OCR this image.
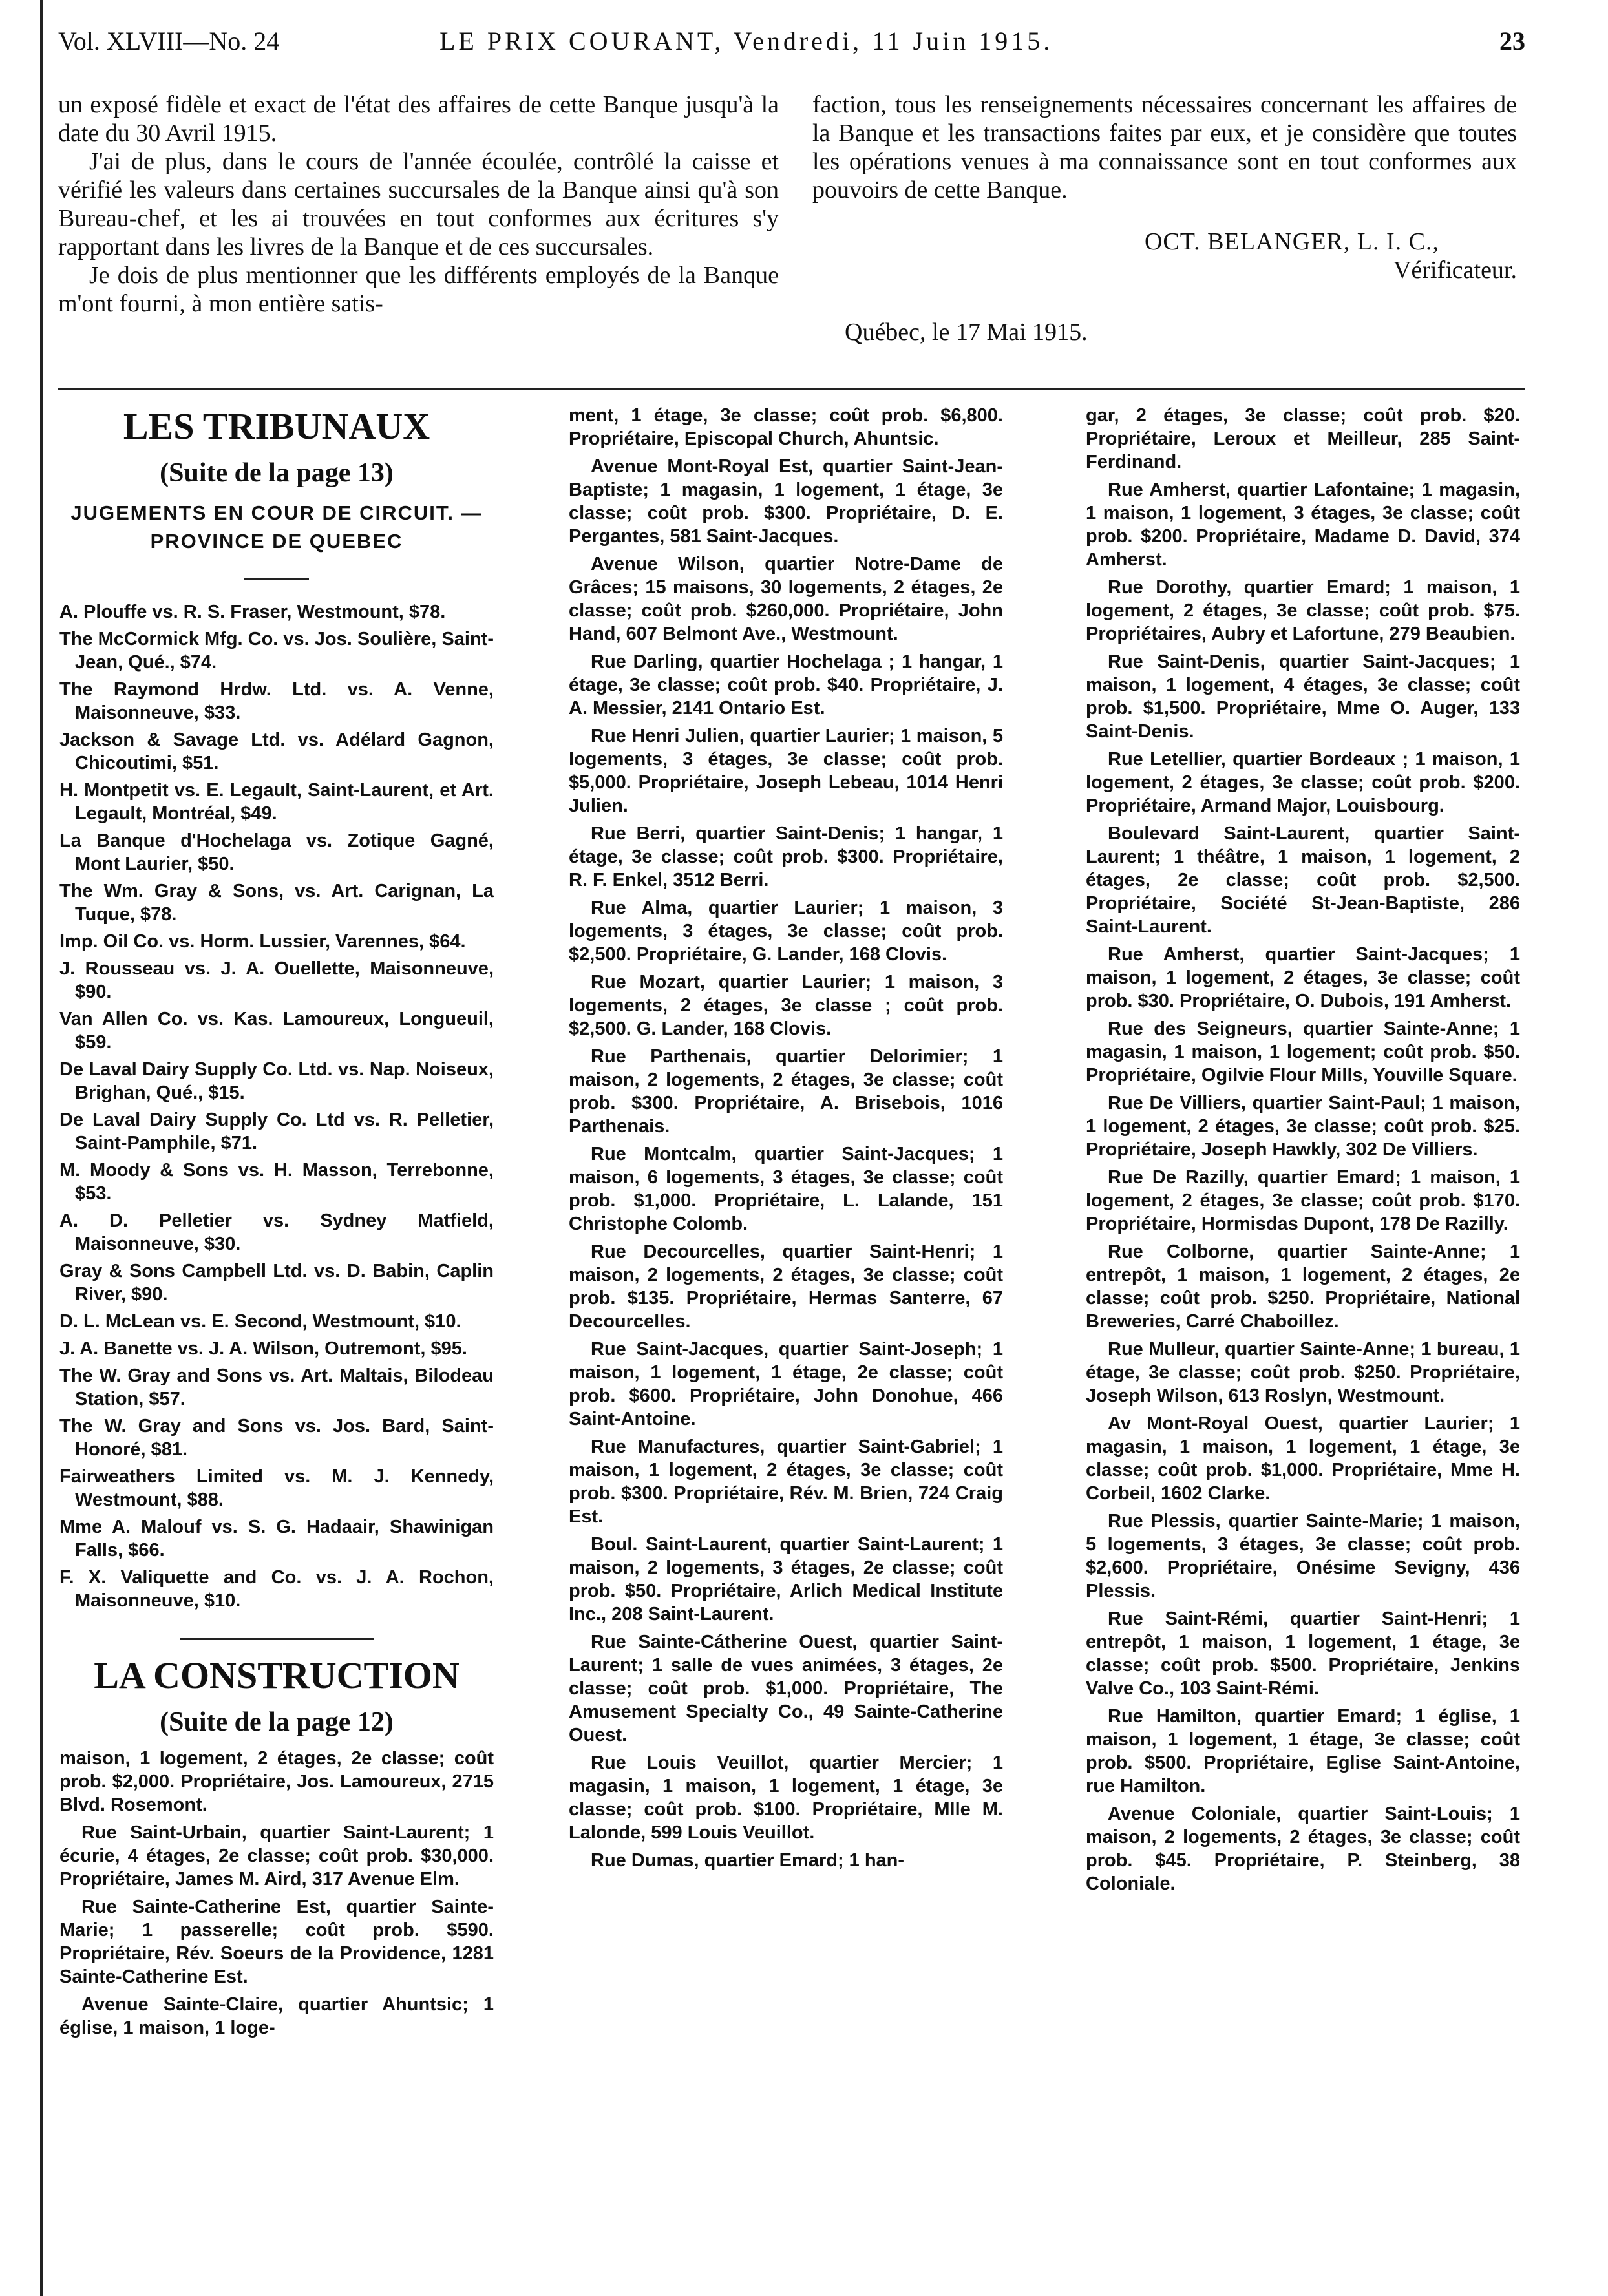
Vol. XLVIII—No. 24	LE PRIX COURANT, Vendredi, 11 Juin 1915.	23

un exposé fidèle et exact de l'état des affaires de cette Banque jusqu'à la date du 30 Avril 1915.

J'ai de plus, dans le cours de l'année écoulée, contrôlé la caisse et vérifié les valeurs dans certaines succursales de la Banque ainsi qu'à son Bureau-chef, et les ai trouvées en tout conformes aux écritures s'y rapportant dans les livres de la Banque et de ces succursales.

Je dois de plus mentionner que les différents employés de la Banque m'ont fourni, à mon entière satis-

faction, tous les renseignements nécessaires concernant les affaires de la Banque et les transactions faites par eux, et je considère que toutes les opérations venues à ma connaissance sont en tout conformes aux pouvoirs de cette Banque.

OCT. BELANGER, L. I. C.,

Vérificateur.

Québec, le 17 Mai 1915.

LES TRIBUNAUX

(Suite de la page 13)

JUGEMENTS EN COUR DE CIRCUIT. — PROVINCE DE QUEBEC

A. Plouffe vs. R. S. Fraser, Westmount, $78.

The McCormick Mfg. Co. vs. Jos. Soulière, Saint-Jean, Qué., $74.

The Raymond Hrdw. Ltd. vs. A. Venne, Maisonneuve, $33.

Jackson & Savage Ltd. vs. Adélard Gagnon, Chicoutimi, $51.

H. Montpetit vs. E. Legault, Saint-Laurent, et Art. Legault, Montréal, $49.

La Banque d'Hochelaga vs. Zotique Gagné, Mont Laurier, $50.

The Wm. Gray & Sons, vs. Art. Carignan, La Tuque, $78.

Imp. Oil Co. vs. Horm. Lussier, Varennes, $64.

J. Rousseau vs. J. A. Ouellette, Maisonneuve, $90.

Van Allen Co. vs. Kas. Lamoureux, Longueuil, $59.

De Laval Dairy Supply Co. Ltd. vs. Nap. Noiseux, Brighan, Qué., $15.

De Laval Dairy Supply Co. Ltd vs. R. Pelletier, Saint-Pamphile, $71.

M. Moody & Sons vs. H. Masson, Terrebonne, $53.

A. D. Pelletier vs. Sydney Matfield, Maisonneuve, $30.

Gray & Sons Campbell Ltd. vs. D. Babin, Caplin River, $90.

D. L. McLean vs. E. Second, Westmount, $10.

J. A. Banette vs. J. A. Wilson, Outremont, $95.

The W. Gray and Sons vs. Art. Maltais, Bilodeau Station, $57.

The W. Gray and Sons vs. Jos. Bard, Saint-Honoré, $81.

Fairweathers Limited vs. M. J. Kennedy, Westmount, $88.

Mme A. Malouf vs. S. G. Hadaair, Shawinigan Falls, $66.

F. X. Valiquette and Co. vs. J. A. Rochon, Maisonneuve, $10.

LA CONSTRUCTION

(Suite de la page 12)

maison, 1 logement, 2 étages, 2e classe; coût prob. $2,000. Propriétaire, Jos. Lamoureux, 2715 Blvd. Rosemont.

Rue Saint-Urbain, quartier Saint-Laurent; 1 écurie, 4 étages, 2e classe; coût prob. $30,000. Propriétaire, James M. Aird, 317 Avenue Elm.

Rue Sainte-Catherine Est, quartier Sainte-Marie; 1 passerelle; coût prob. $590. Propriétaire, Rév. Soeurs de la Providence, 1281 Sainte-Catherine Est.

Avenue Sainte-Claire, quartier Ahuntsic; 1 église, 1 maison, 1 loge-

ment, 1 étage, 3e classe; coût prob. $6,800. Propriétaire, Episcopal Church, Ahuntsic.

Avenue Mont-Royal Est, quartier Saint-Jean-Baptiste; 1 magasin, 1 logement, 1 étage, 3e classe; coût prob. $300. Propriétaire, D. E. Pergantes, 581 Saint-Jacques.

Avenue Wilson, quartier Notre-Dame de Grâces; 15 maisons, 30 logements, 2 étages, 2e classe; coût prob. $260,000. Propriétaire, John Hand, 607 Belmont Ave., Westmount.

Rue Darling, quartier Hochelaga ; 1 hangar, 1 étage, 3e classe; coût prob. $40. Propriétaire, J. A. Messier, 2141 Ontario Est.

Rue Henri Julien, quartier Laurier; 1 maison, 5 logements, 3 étages, 3e classe; coût prob. $5,000. Propriétaire, Joseph Lebeau, 1014 Henri Julien.

Rue Berri, quartier Saint-Denis; 1 hangar, 1 étage, 3e classe; coût prob. $300. Propriétaire, R. F. Enkel, 3512 Berri.

Rue Alma, quartier Laurier; 1 maison, 3 logements, 3 étages, 3e classe; coût prob. $2,500. Propriétaire, G. Lander, 168 Clovis.

Rue Mozart, quartier Laurier; 1 maison, 3 logements, 2 étages, 3e classe ; coût prob. $2,500. G. Lander, 168 Clovis.

Rue Parthenais, quartier Delorimier; 1 maison, 2 logements, 2 étages, 3e classe; coût prob. $300. Propriétaire, A. Brisebois, 1016 Parthenais.

Rue Montcalm, quartier Saint-Jacques; 1 maison, 6 logements, 3 étages, 3e classe; coût prob. $1,000. Propriétaire, L. Lalande, 151 Christophe Colomb.

Rue Decourcelles, quartier Saint-Henri; 1 maison, 2 logements, 2 étages, 3e classe; coût prob. $135. Propriétaire, Hermas Santerre, 67 Decourcelles.

Rue Saint-Jacques, quartier Saint-Joseph; 1 maison, 1 logement, 1 étage, 2e classe; coût prob. $600. Propriétaire, John Donohue, 466 Saint-Antoine.

Rue Manufactures, quartier Saint-Gabriel; 1 maison, 1 logement, 2 étages, 3e classe; coût prob. $300. Propriétaire, Rév. M. Brien, 724 Craig Est.

Boul. Saint-Laurent, quartier Saint-Laurent; 1 maison, 2 logements, 3 étages, 2e classe; coût prob. $50. Propriétaire, Arlich Medical Institute Inc., 208 Saint-Laurent.

Rue Sainte-Cátherine Ouest, quartier Saint-Laurent; 1 salle de vues animées, 3 étages, 2e classe; coût prob. $1,000. Propriétaire, The Amusement Specialty Co., 49 Sainte-Catherine Ouest.

Rue Louis Veuillot, quartier Mercier; 1 magasin, 1 maison, 1 logement, 1 étage, 3e classe; coût prob. $100. Propriétaire, Mlle M. Lalonde, 599 Louis Veuillot.

Rue Dumas, quartier Emard; 1 han-

gar, 2 étages, 3e classe; coût prob. $20. Propriétaire, Leroux et Meilleur, 285 Saint-Ferdinand.

Rue Amherst, quartier Lafontaine; 1 magasin, 1 maison, 1 logement, 3 étages, 3e classe; coût prob. $200. Propriétaire, Madame D. David, 374 Amherst.

Rue Dorothy, quartier Emard; 1 maison, 1 logement, 2 étages, 3e classe; coût prob. $75. Propriétaires, Aubry et Lafortune, 279 Beaubien.

Rue Saint-Denis, quartier Saint-Jacques; 1 maison, 1 logement, 4 étages, 3e classe; coût prob. $1,500. Propriétaire, Mme O. Auger, 133 Saint-Denis.

Rue Letellier, quartier Bordeaux ; 1 maison, 1 logement, 2 étages, 3e classe; coût prob. $200. Propriétaire, Armand Major, Louisbourg.

Boulevard Saint-Laurent, quartier Saint-Laurent; 1 théâtre, 1 maison, 1 logement, 2 étages, 2e classe; coût prob. $2,500. Propriétaire, Société St-Jean-Baptiste, 286 Saint-Laurent.

Rue Amherst, quartier Saint-Jacques; 1 maison, 1 logement, 2 étages, 3e classe; coût prob. $30. Propriétaire, O. Dubois, 191 Amherst.

Rue des Seigneurs, quartier Sainte-Anne; 1 magasin, 1 maison, 1 logement; coût prob. $50. Propriétaire, Ogilvie Flour Mills, Youville Square.

Rue De Villiers, quartier Saint-Paul; 1 maison, 1 logement, 2 étages, 3e classe; coût prob. $25. Propriétaire, Joseph Hawkly, 302 De Villiers.

Rue De Razilly, quartier Emard; 1 maison, 1 logement, 2 étages, 3e classe; coût prob. $170. Propriétaire, Hormisdas Dupont, 178 De Razilly.

Rue Colborne, quartier Sainte-Anne; 1 entrepôt, 1 maison, 1 logement, 2 étages, 2e classe; coût prob. $250. Propriétaire, National Breweries, Carré Chaboillez.

Rue Mulleur, quartier Sainte-Anne; 1 bureau, 1 étage, 3e classe; coût prob. $250. Propriétaire, Joseph Wilson, 613 Roslyn, Westmount.

Av Mont-Royal Ouest, quartier Laurier; 1 magasin, 1 maison, 1 logement, 1 étage, 3e classe; coût prob. $1,000. Propriétaire, Mme H. Corbeil, 1602 Clarke.

Rue Plessis, quartier Sainte-Marie; 1 maison, 5 logements, 3 étages, 3e classe; coût prob. $2,600. Propriétaire, Onésime Sevigny, 436 Plessis.

Rue Saint-Rémi, quartier Saint-Henri; 1 entrepôt, 1 maison, 1 logement, 1 étage, 3e classe; coût prob. $500. Propriétaire, Jenkins Valve Co., 103 Saint-Rémi.

Rue Hamilton, quartier Emard; 1 église, 1 maison, 1 logement, 1 étage, 3e classe; coût prob. $500. Propriétaire, Eglise Saint-Antoine, rue Hamilton.

Avenue Coloniale, quartier Saint-Louis; 1 maison, 2 logements, 2 étages, 3e classe; coût prob. $45. Propriétaire, P. Steinberg, 38 Coloniale.
